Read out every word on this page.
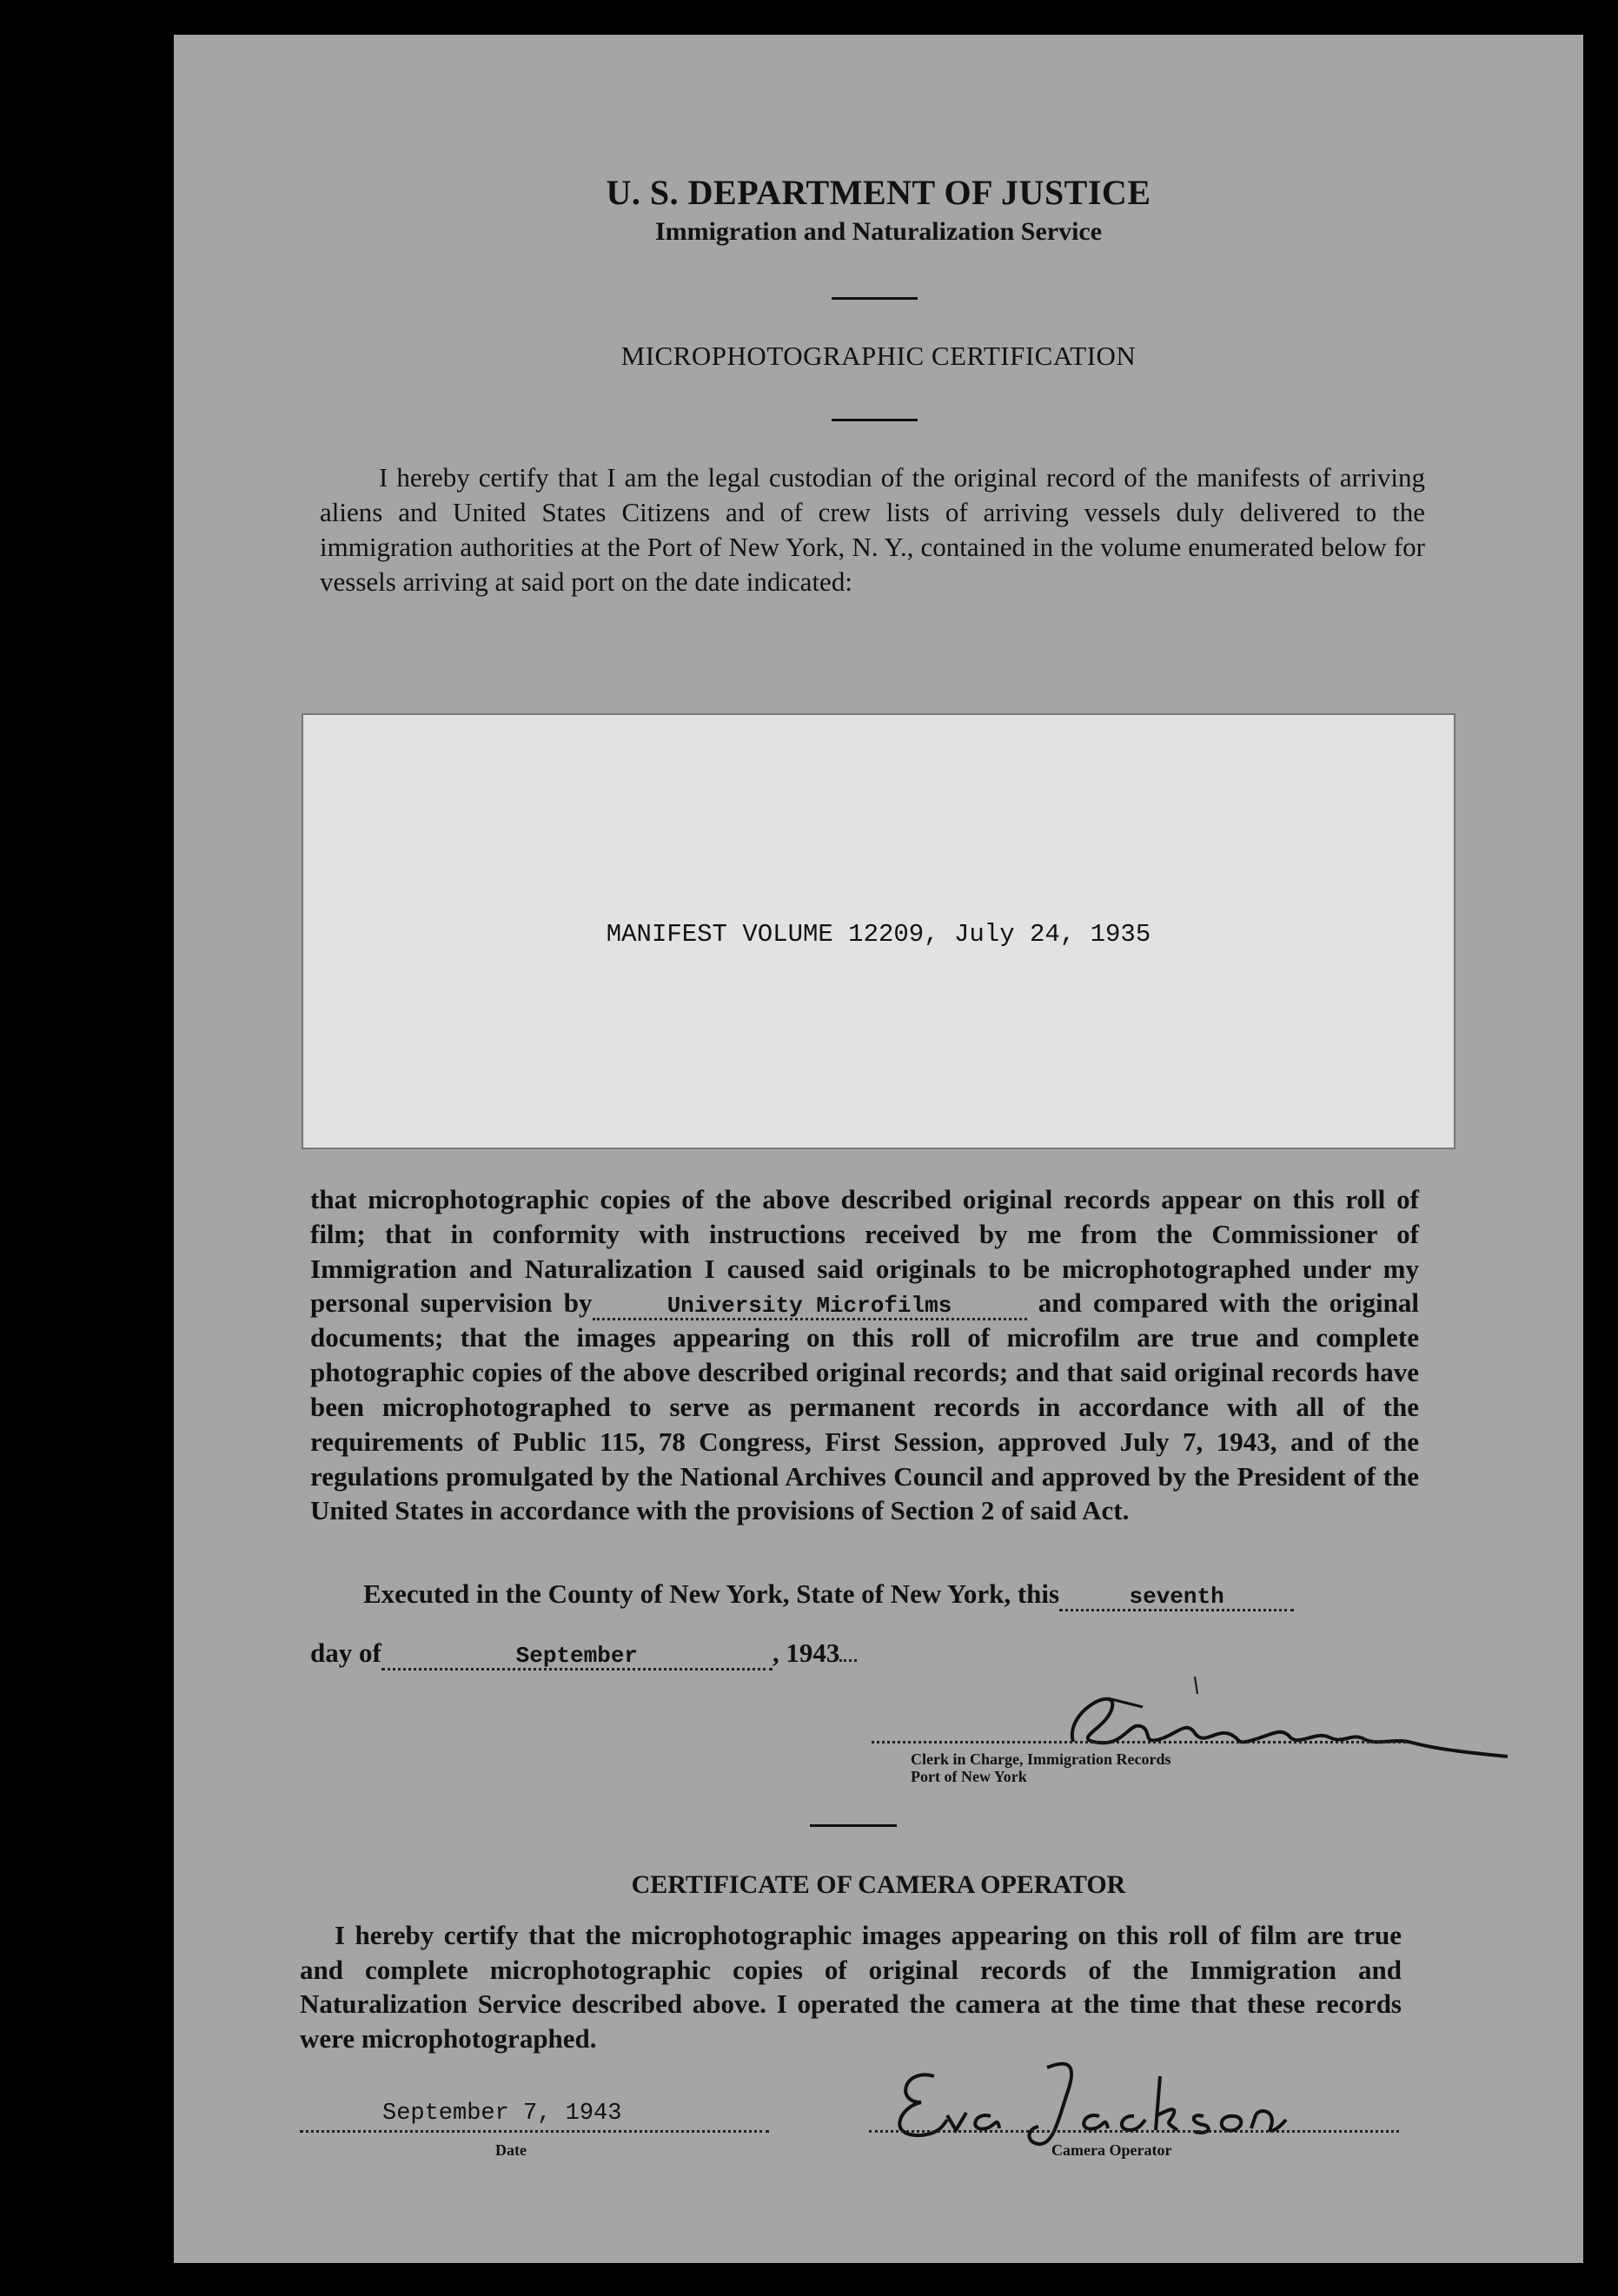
U. S. DEPARTMENT OF JUSTICE
Immigration and Naturalization Service
MICROPHOTOGRAPHIC CERTIFICATION
I hereby certify that I am the legal custodian of the original record of the manifests of arriving aliens and United States Citizens and of crew lists of arriving vessels duly delivered to the immigration authorities at the Port of New York, N. Y., contained in the volume enumerated below for vessels arriving at said port on the date indicated:
MANIFEST VOLUME 12209, July 24, 1935
that microphotographic copies of the above described original records appear on this roll of film; that in conformity with instructions received by me from the Commissioner of Immigration and Naturalization I caused said originals to be microphotographed under my personal supervision by	University Microfilms	and compared with the original documents; that the images appearing on this roll of microfilm are true and complete photographic copies of the above described original records; and that said original records have been microphotographed to serve as permanent records in accordance with all of the requirements of Public 115, 78 Congress, First Session, approved July 7, 1943, and of the regulations promulgated by the National Archives Council and approved by the President of the United States in accordance with the provisions of Section 2 of said Act.
Executed in the County of New York, State of New York, this	seventh
day of	September	, 1943
Clerk in Charge, Immigration Records
Port of New York
CERTIFICATE OF CAMERA OPERATOR
I hereby certify that the microphotographic images appearing on this roll of film are true and complete microphotographic copies of original records of the Immigration and Naturalization Service described above. I operated the camera at the time that these records were microphotographed.
September 7, 1943
Date	Camera Operator
